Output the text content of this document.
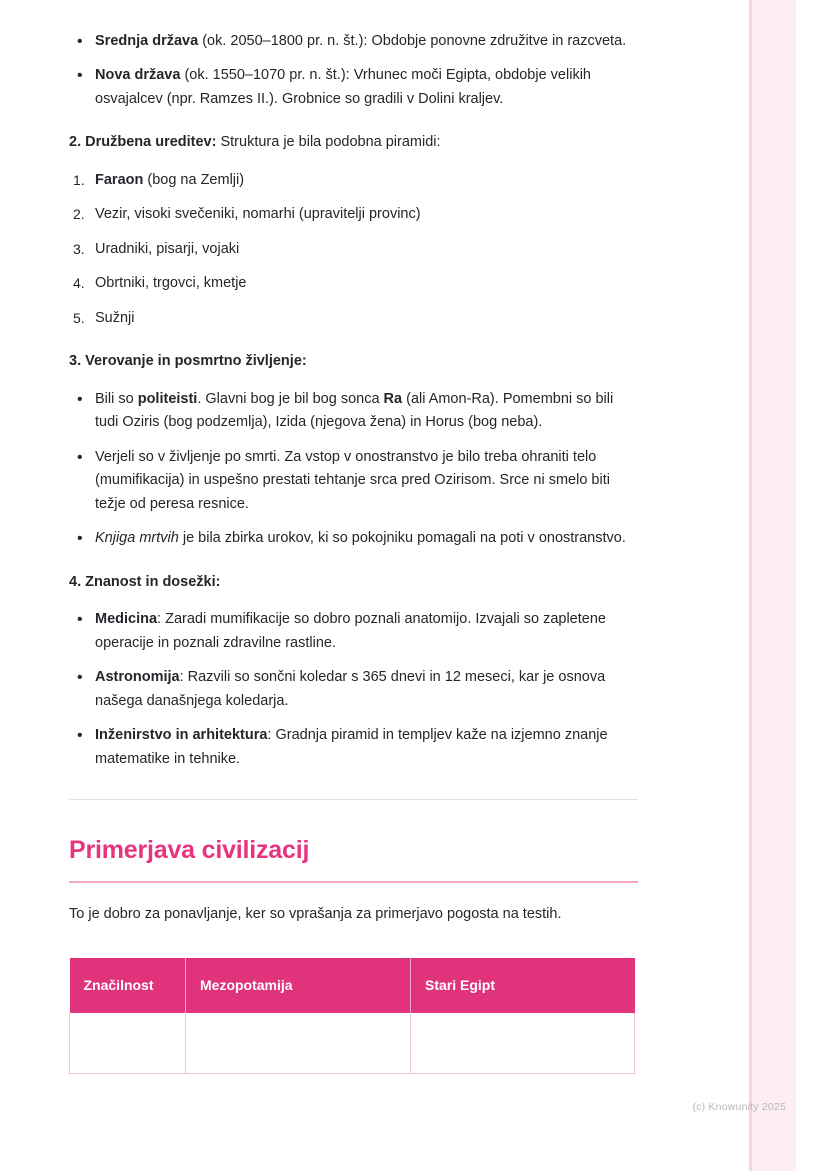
• Srednja država (ok. 2050–1800 pr. n. št.): Obdobje ponovne združitve in razcveta.
• Nova država (ok. 1550–1070 pr. n. št.): Vrhunec moči Egipta, obdobje velikih osvajalcev (npr. Ramzes II.). Grobnice so gradili v Dolini kraljev.
2. Družbena ureditev: Struktura je bila podobna piramidi:
Faraon (bog na Zemlji)
Vezir, visoki svečeniki, nomarhi (upravitelji provinc)
Uradniki, pisarji, vojaki
Obrtniki, trgovci, kmetje
Sužnji
3. Verovanje in posmrtno življenje:
• Bili so politeisti. Glavni bog je bil bog sonca Ra (ali Amon-Ra). Pomembni so bili tudi Oziris (bog podzemlja), Izida (njegova žena) in Horus (bog neba).
• Verjeli so v življenje po smrti. Za vstop v onostranstvo je bilo treba ohraniti telo (mumifikacija) in uspešno prestati tehtanje srca pred Ozirisom. Srce ni smelo biti težje od peresa resnice.
• Knjiga mrtvih je bila zbirka urokov, ki so pokojniku pomagali na poti v onostranstvo.
4. Znanost in dosežki:
• Medicina: Zaradi mumifikacije so dobro poznali anatomijo. Izvajali so zapletene operacije in poznali zdravilne rastline.
• Astronomija: Razvili so sončni koledar s 365 dnevi in 12 meseci, kar je osnova našega današnjega koledarja.
• Inženirstvo in arhitektura: Gradnja piramid in templjev kaže na izjemno znanje matematike in tehnike.
Primerjava civilizacij

To je dobro za ponavljanje, ker so vprašanja za primerjavo pogosta na testih.

Značilnost	Mezopotamija	Stari Egipt

(c) Knowunity 2025
